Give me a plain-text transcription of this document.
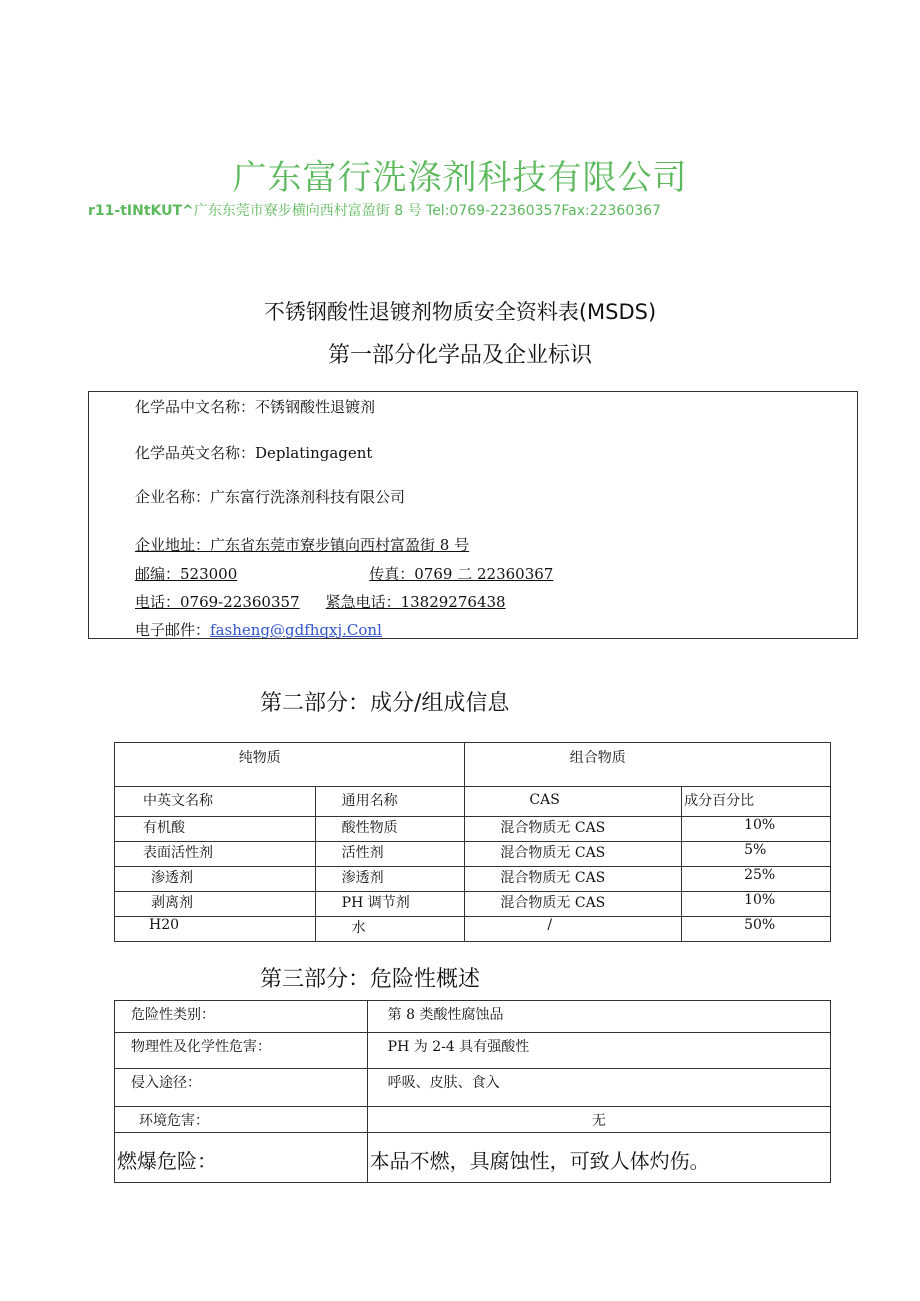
广东富行洗涤剂科技有限公司
r11-tINtKUT^广东东莞市寮步横向西村富盈街 8 号 Tel:0769-22360357Fax:22360367
不锈钢酸性退镀剂物质安全资料表(MSDS)
第一部分化学品及企业标识
化学品中文名称：不锈钢酸性退镀剂
化学品英文名称：Deplatingagent
企业名称：广东富行洗涤剂科技有限公司
企业地址：广东省东莞市寮步镇向西村富盈街 8 号
邮编：523000	传真：0769 二 22360367
电话：0769-22360357 紧急电话：13829276438
电子邮件：fasheng@gdfhqxj.Conl
第二部分：成分/组成信息
纯物质		组合物质	
中英文名称	通用名称	CAS	成分百分比
有机酸	酸性物质	混合物质无 CAS	10%
表面活性剂	活性剂	混合物质无 CAS	5%
渗透剂	渗透剂	混合物质无 CAS	25%
剥离剂	PH 调节剂	混合物质无 CAS	10%
H20	水	/	50%
第三部分：危险性概述
危险性类别：	第 8 类酸性腐蚀品
物理性及化学性危害：	PH 为 2-4 具有强酸性
侵入途径：	呼吸、皮肤、食入
环境危害：	无
燃爆危险：	本品不燃，具腐蚀性，可致人体灼伤。
